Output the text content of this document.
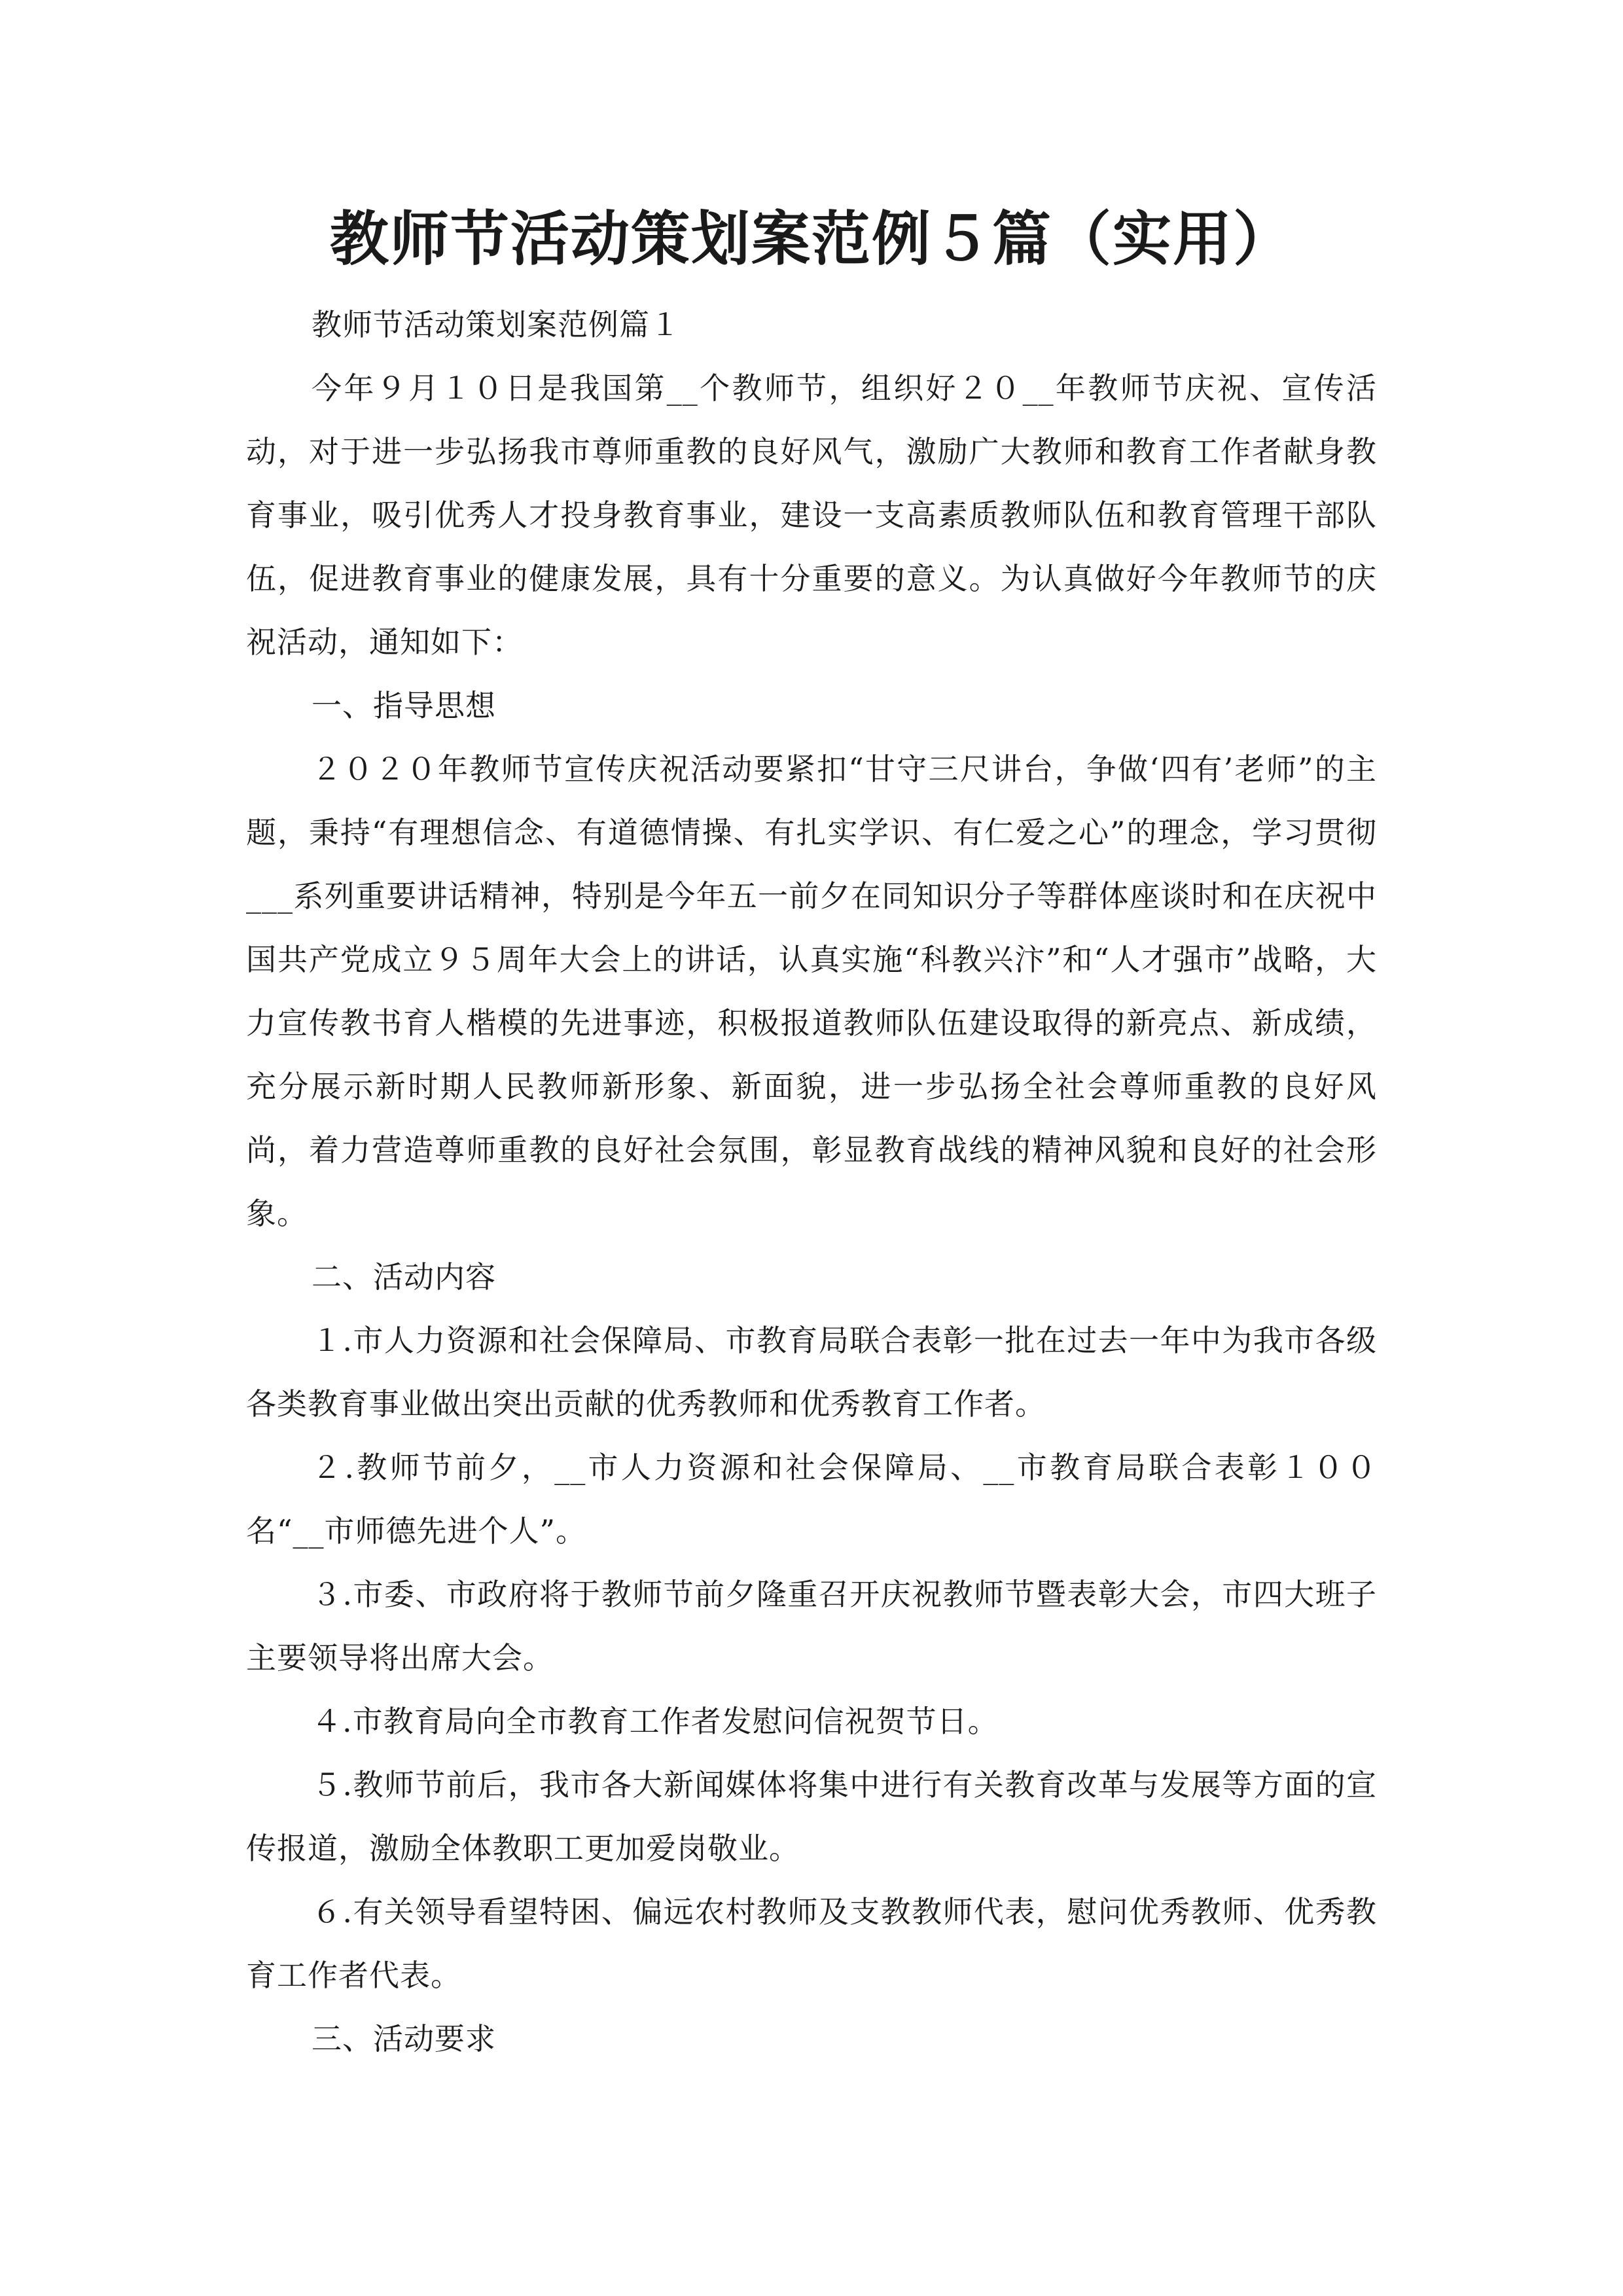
教师节活动策划案范例５篇（实用）

教师节活动策划案范例篇１

今年９月１０日是我国第__个教师节，组织好２０__年教师节庆祝、宣传活动，对于进一步弘扬我市尊师重教的良好风气，激励广大教师和教育工作者献身教育事业，吸引优秀人才投身教育事业，建设一支高素质教师队伍和教育管理干部队伍，促进教育事业的健康发展，具有十分重要的意义。为认真做好今年教师节的庆祝活动，通知如下：

一、指导思想

２０２０年教师节宣传庆祝活动要紧扣“甘守三尺讲台，争做‘四有’老师”的主题，秉持“有理想信念、有道德情操、有扎实学识、有仁爱之心”的理念，学习贯彻___系列重要讲话精神，特别是今年五一前夕在同知识分子等群体座谈时和在庆祝中国共产党成立９５周年大会上的讲话，认真实施“科教兴汴”和“人才强市”战略，大力宣传教书育人楷模的先进事迹，积极报道教师队伍建设取得的新亮点、新成绩，充分展示新时期人民教师新形象、新面貌，进一步弘扬全社会尊师重教的良好风尚，着力营造尊师重教的良好社会氛围，彰显教育战线的精神风貌和良好的社会形象。

二、活动内容

１.市人力资源和社会保障局、市教育局联合表彰一批在过去一年中为我市各级各类教育事业做出突出贡献的优秀教师和优秀教育工作者。

２.教师节前夕，__市人力资源和社会保障局、__市教育局联合表彰１００名“__市师德先进个人”。

３.市委、市政府将于教师节前夕隆重召开庆祝教师节暨表彰大会，市四大班子主要领导将出席大会。

４.市教育局向全市教育工作者发慰问信祝贺节日。

５.教师节前后，我市各大新闻媒体将集中进行有关教育改革与发展等方面的宣传报道，激励全体教职工更加爱岗敬业。

６.有关领导看望特困、偏远农村教师及支教教师代表，慰问优秀教师、优秀教育工作者代表。

三、活动要求
